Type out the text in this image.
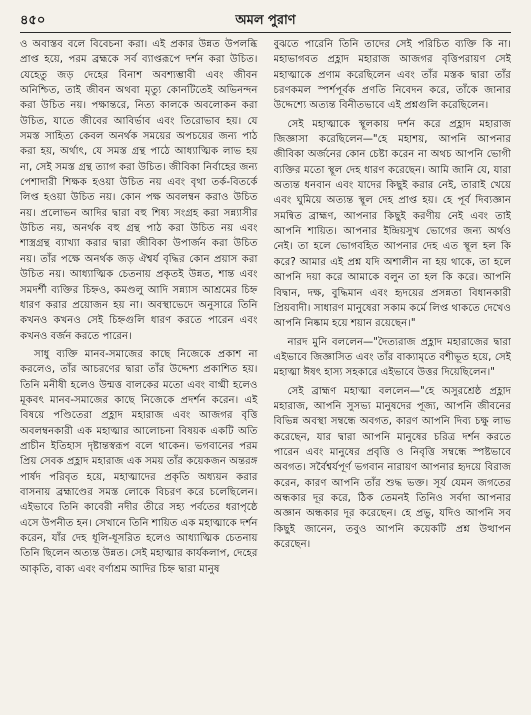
৪৫০	অমল পুরাণ

ও অবাস্তব বলে বিবেচনা করা। এই প্রকার উন্নত উপলব্ধি প্রাপ্ত হয়ে, পরম ব্রহ্মকে সর্ব ব্যাপ্তরূপে দর্শন করা উচিত। যেহেতু জড় দেহের বিনাশ অবশ্যম্ভাবী এবং জীবন অনিশ্চিত, তাই জীবন অথবা মৃত্যু কোনটিতেই অভিনন্দন করা উচিত নয়। পক্ষান্তরে, নিত্য কালকে অবলোকন করা উচিত, যাতে জীবের আবির্ভাব এবং তিরোভাব হয়। যে সমস্ত সাহিত্য কেবল অনর্থক সময়ের অপচয়ের জন্য পাঠ করা হয়, অর্থাৎ, যে সমস্ত গ্রন্থ পাঠে আধ্যাত্মিক লাভ হয় না, সেই সমস্ত গ্রন্থ ত্যাগ করা উচিত। জীবিকা নির্বাহের জন্য পেশাদারী শিক্ষক হওয়া উচিত নয় এবং বৃথা তর্ক-বিতর্কে লিপ্ত হওয়া উচিত নয়। কোন পক্ষ অবলম্বন করাও উচিত নয়। প্রলোভন আদির দ্বারা বহু শিষ্য সংগ্রহ করা সন্ন্যাসীর উচিত নয়, অনর্থক বহু গ্রন্থ পাঠ করা উচিত নয় এবং শাস্ত্রগ্রন্থ ব্যাখ্যা করার দ্বারা জীবিকা উপার্জন করা উচিত নয়। তাঁর পক্ষে অনর্থক জড় ঐশ্বর্য বৃদ্ধির কোন প্রয়াস করা উচিত নয়। আধ্যাত্মিক চেতনায় প্রকৃতই উন্নত, শান্ত এবং সমদর্শী ব্যক্তির চিহ্নও, কমণ্ডলু আদি সন্ন্যাস আশ্রমের চিহ্ন ধারণ করার প্রয়োজন হয় না। অবস্থাভেদে অনুসারে তিনি কখনও কখনও সেই চিহ্নগুলি ধারণ করতে পারেন এবং কখনও বর্জন করতে পারেন।

সাধু ব্যক্তি মানব-সমাজের কাছে নিজেকে প্রকাশ না করলেও, তাঁর আচরণের দ্বারা তাঁর উদ্দেশ্য প্রকাশিত হয়। তিনি মনীষী হলেও উন্মত্ত বালকের মতো এবং বাগ্মী হলেও মূকবৎ মানব-সমাজের কাছে নিজেকে প্রদর্শন করেন। এই বিষয়ে পণ্ডিতেরা প্রহ্লাদ মহারাজ এবং আজগর বৃত্তি অবলম্বনকারী এক মহাত্মার আলোচনা বিষয়ক একটি অতি প্রাচীন ইতিহাস দৃষ্টান্তস্বরূপ বলে থাকেন। ভগবানের পরম প্রিয় সেবক প্রহ্লাদ মহারাজ এক সময় তাঁর কয়েকজন অন্তরঙ্গ পার্ষদ পরিবৃত হয়ে, মহাত্মাদের প্রকৃতি অধ্যয়ন করার বাসনায় ব্রহ্মাণ্ডের সমস্ত লোকে বিচরণ করে চলেছিলেন। এইভাবে তিনি কাবেরী নদীর তীরে সহ্য পর্বতের ধরাপৃষ্ঠে এসে উপনীত হন। সেখানে তিনি শায়িত এক মহাত্মাকে দর্শন করেন, যাঁর দেহ ধূলি-ধূসরিত হলেও আধ্যাত্মিক চেতনায় তিনি ছিলেন অত্যন্ত উন্নত। সেই মহাত্মার কার্যকলাপ, দেহের আকৃতি, বাক্য এবং বর্ণাশ্রম আদির চিহ্ন দ্বারা মানুষ

বুঝতে পারেনি তিনি তাদের সেই পরিচিত ব্যক্তি কি না। মহাভাগবত প্রহ্লাদ মহারাজ আজগর বৃত্তিপরায়ণ সেই মহাত্মাকে প্রণাম করেছিলেন এবং তাঁর মস্তক দ্বারা তাঁর চরণকমল স্পর্শপূর্বক প্রণতি নিবেদন করে, তাঁকে জানার উদ্দেশ্যে অত্যন্ত বিনীতভাবে এই প্রশ্নগুলি করেছিলেন।

সেই মহাত্মাকে স্থূলকায় দর্শন করে প্রহ্লাদ মহারাজ জিজ্ঞাসা করেছিলেন—"হে মহাশয়, আপনি আপনার জীবিকা অর্জনের কোন চেষ্টা করেন না অথচ আপনি ভোগী ব্যক্তির মতো স্থূল দেহ ধারণ করেছেন। আমি জানি যে, যারা অত্যন্ত ধনবান এবং যাদের কিছুই করার নেই, তারাই খেয়ে এবং ঘুমিয়ে অত্যন্ত স্থূল দেহ প্রাপ্ত হয়। হে পূর্ব দিব্যজ্ঞান সমন্বিত ব্রাহ্মণ, আপনার কিছুই করণীয় নেই এবং তাই আপনি শায়িত। আপনার ইন্দ্রিয়সুখ ভোগের জন্য অর্থও নেই। তা হলে ভোগবহিত আপনার দেহ এত স্থূল হল কি করে? আমার এই প্রশ্ন যদি অশালীন না হয় থাকে, তা হলে আপনি দয়া করে আমাকে বলুন তা হল কি করে। আপনি বিদ্বান, দক্ষ, বুদ্ধিমান এবং হৃদয়ের প্রসন্নতা বিধানকারী প্রিয়বাদী। সাধারণ মানুষেরা সকাম কর্মে লিপ্ত থাকতে দেখেও আপনি নিষ্কাম হয়ে শয়ান রয়েছেন।"

নারদ মুনি বললেন—"দৈত্যরাজ প্রহ্লাদ মহারাজের দ্বারা এইভাবে জিজ্ঞাসিত এবং তাঁর বাক্যামৃতে বশীভূত হয়ে, সেই মহাত্মা ঈষৎ হাস্য সহকারে এইভাবে উত্তর দিয়েছিলেন।"

সেই ব্রাহ্মণ মহাত্মা বললেন—"হে অসুরশ্রেষ্ঠ প্রহ্লাদ মহারাজ, আপনি সুসভ্য মানুষদের পূজ্য, আপনি জীবনের বিভিন্ন অবস্থা সম্বন্ধে অবগত, কারণ আপনি দিব্য চক্ষু লাভ করেছেন, যার দ্বারা আপনি মানুষের চরিত্র দর্শন করতে পারেন এবং মানুষের প্রবৃত্তি ও নিবৃত্তি সম্বন্ধে স্পষ্টভাবে অবগত। সর্বৈশ্বর্যপূর্ণ ভগবান নারায়ণ আপনার হৃদয়ে বিরাজ করেন, কারণ আপনি তাঁর শুদ্ধ ভক্ত। সূর্য যেমন জগতের অন্ধকার দূর করে, ঠিক তেমনই তিনিও সর্বদা আপনার অজ্ঞান অন্ধকার দূর করেছেন। হে প্রভু, যদিও আপনি সব কিছুই জানেন, তবুও আপনি কয়েকটি প্রশ্ন উত্থাপন করেছেন।
